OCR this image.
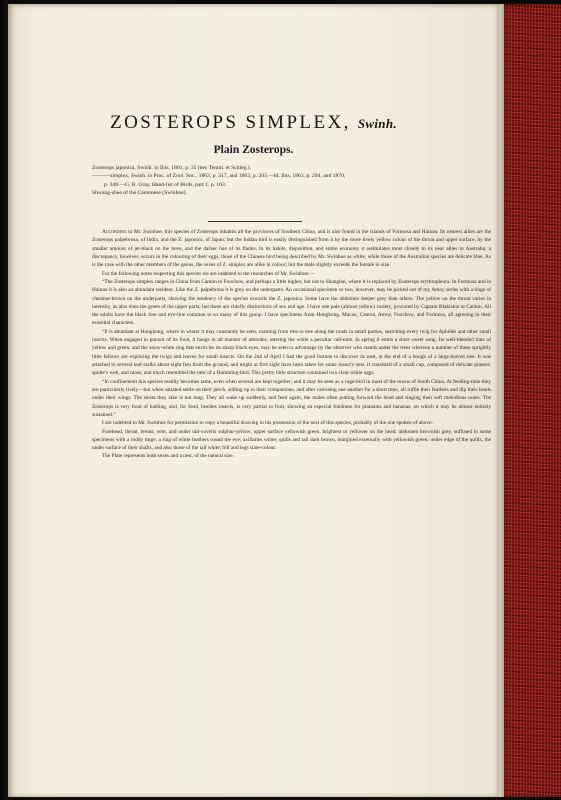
ZOSTEROPS SIMPLEX, Swinh.
Plain Zosterops.

Zosterops japonica, Swinh. in Ibis, 1861, p. 35 (nec Temm. et Schleg.).

——— simplex, Swinh. in Proc. of Zool. Soc., 1862, p. 317, and 1863, p. 203.—Id. Ibis, 1863, p. 294, and 1870,

p. 348.—G. R. Gray, Hand-list of Birds, part 1. p. 163.

Shwang-shee of the Cantonese (Swinhoe).

According to Mr. Swinhoe, this species of Zosterops inhabits all the provinces of Southern China, and is also found in the islands of Formosa and Hainan. Its nearest allies are the Zosterops palpebrosa, of India, and the Z. japonica, of Japan; but the Indian bird is easily distinguished from it by the more lively yellow colour of the throat and upper surface, by the smaller amount of jet-black on the lores, and the darker hue of its flanks. In its habits, disposition, and entire economy it assimilates most closely to its near allies in Australia; a discrepancy, however, occurs in the colouring of their eggs, those of the Chinese bird being described by Mr. Swinhoe as white, while those of the Australian species are delicate blue. As is the case with the other members of the genus, the sexes of Z. simplex are alike in colour; but the male slightly exceeds the female in size.

For the following notes respecting this species we are indebted to the researches of Mr. Swinhoe:—

“The Zosterops simplex ranges in China from Canton to Foochow, and perhaps a little higher, but not to Shanghai, where it is replaced by Zosterops erythropleura. In Formosa and in Hainan it is also an abundant resident. Like the Z. palpebrosa it is grey on the underparts. An occasional specimen or two, however, may be picked out of my Amoy series with a tinge of chestnut-brown on the underparts, showing the tendency of the species towards the Z. japonica. Some have the abdomen deeper grey than others. The yellow on the throat varies in intensity, as also does the green of the upper parts; but these are chiefly distinctions of sex and age. I have one pale (almost yellow) variety, procured by Captain Blakiston at Canton. All the adults have the black lore and eye-line common to so many of this group. I have specimens from Hongkong, Macao, Canton, Amoy, Foochow, and Formosa, all agreeing in their essential characters.

“It is abundant at Hongkong, where in winter it may constantly be seen, roaming from tree to tree along the roads in small parties, searching every twig for Aphides and other small insects. When engaged in pursuit of its food, it hangs in all manner of attitudes, uttering the while a peculiar call-note. In spring it emits a short sweet song. Its well-blended tints of yellow and green, and the snow-white ring that encircles its sharp black eyes, may be seen to advantage by the observer who stands under the trees whereon a number of these sprightly little fellows are exploring the twigs and leaves for small insects. On the 2nd of April I had the good fortune to discover its nest, at the end of a bough of a large-leaved tree. It was attached to several leaf-stalks about eight feet from the ground, and might at first sight have been taken for some insect's nest. It consisted of a small cup, composed of delicate grasses, spider's web, and moss, and much resembled the nest of a Humming-bird. This pretty little structure contained two clear-white eggs.

“In confinement this species readily becomes tame, even when several are kept together; and it may be seen as a cage-bird in most of the towns of South China. At feeding-time they are particularly lively—but when satiated settle on their perch, sidling up to their companions; and after caressing one another for a short time, all ruffle their feathers and dip their heads under their wings. The siesta they take is not long. They all wake up suddenly, and feed again, the males often putting forward the head and singing their soft melodious notes. The Zosterops is very fond of bathing, and, for food, besides insects, is very partial to fruit, showing an especial fondness for plantains and bananas, on which it may be almost entirely sustained.”

I am indebted to Mr. Swinhoe for permission to copy a beautiful drawing in his possession of the nest of this species, probably of the one spoken of above.

Forehead, throat, breast, vent, and under tail-coverts sulphur-yellow; upper surface yellowish green, brightest or yellower on the head; abdomen brownish grey, suffused in some specimens with a ruddy tinge; a ring of white feathers round the eye; axillaries white; quills and tail dark brown, margined externally with yellowish green; under edge of the quills, the under surface of their shafts, and also those of the tail white; bill and legs slate-colour.

The Plate represents both sexes and a nest, of the natural size.
